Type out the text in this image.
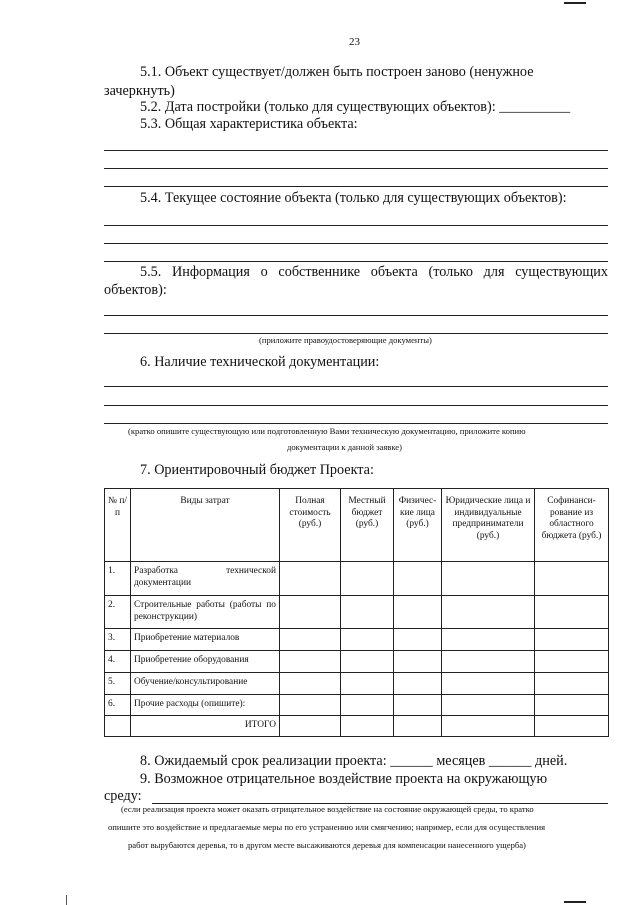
23
5.1. Объект существует/должен быть построен заново (ненужное
зачеркнуть)
5.2. Дата постройки (только для существующих объектов): __________
5.3. Общая характеристика объекта:
5.4. Текущее состояние объекта (только для существующих объектов):
5.5. Информация о собственнике объекта (только для существующих
объектов):
(приложите правоудостоверяющие документы)
6. Наличие технической документации:
(кратко опишите существующую или подготовленную Вами техническую документацию, приложите копию
документации к данной заявке)
7. Ориентировочный бюджет Проекта:
№ п/п	Виды затрат	Полная стоимость (руб.)	Местный бюджет (руб.)	Физичес-кие лица (руб.)	Юридические лица и индивидуальные предприниматели (руб.)	Софинанси-рование из областного бюджета (руб.)
1.	Разработка технической документации					
2.	Строительные работы (работы по реконструкции)					
3.	Приобретение материалов					
4.	Приобретение оборудования					
5.	Обучение/консультирование					
6.	Прочие расходы (опишите):					
	ИТОГО					
8. Ожидаемый срок реализации проекта: ______ месяцев ______ дней.
9. Возможное отрицательное воздействие проекта на окружающую
среду:
(если реализация проекта может оказать отрицательное воздействие на состояние окружающей среды, то кратко
опишите это воздействие и предлагаемые меры по его устранению или смягчению; например, если для осуществления
работ вырубаются деревья, то в другом месте высаживаются деревья для компенсации нанесенного ущерба)
